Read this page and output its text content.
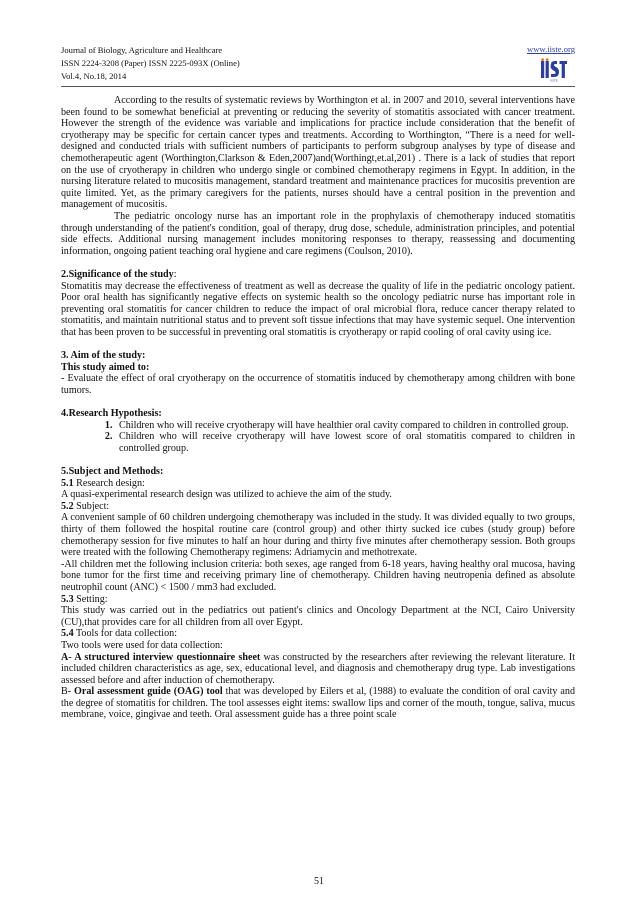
Journal of Biology, Agriculture and Healthcare
ISSN 2224-3208 (Paper) ISSN 2225-093X (Online)
Vol.4, No.18, 2014
www.iiste.org
IISTE

According to the results of systematic reviews by Worthington et al. in 2007 and 2010, several interventions have been found to be somewhat beneficial at preventing or reducing the severity of stomatitis associated with cancer treatment. However the strength of the evidence was variable and implications for practice include consideration that the benefit of cryotherapy may be specific for certain cancer types and treatments. According to Worthington, “There is a need for well-designed and conducted trials with sufficient numbers of participants to perform subgroup analyses by type of disease and chemotherapeutic agent (Worthington,Clarkson & Eden,2007)and(Worthingt,et.al,201) . There is a lack of studies that report on the use of cryotherapy in children who undergo single or combined chemotherapy regimens in Egypt. In addition, in the nursing literature related to mucositis management, standard treatment and maintenance practices for mucositis prevention are quite limited. Yet, as the primary caregivers for the patients, nurses should have a central position in the prevention and management of mucositis.

The pediatric oncology nurse has an important role in the prophylaxis of chemotherapy induced stomatitis through understanding of the patient's condition, goal of therapy, drug dose, schedule, administration principles, and potential side effects. Additional nursing management includes monitoring responses to therapy, reassessing and documenting information, ongoing patient teaching oral hygiene and care regimens (Coulson, 2010).

2.Significance of the study:

Stomatitis may decrease the effectiveness of treatment as well as decrease the quality of life in the pediatric oncology patient. Poor oral health has significantly negative effects on systemic health so the oncology pediatric nurse has important role in preventing oral stomatitis for cancer children to reduce the impact of oral microbial flora, reduce cancer therapy related to stomatitis, and maintain nutritional status and to prevent soft tissue infections that may have systemic sequel. One intervention that has been proven to be successful in preventing oral stomatitis is cryotherapy or rapid cooling of oral cavity using ice.

3. Aim of the study:

This study aimed to:

- Evaluate the effect of oral cryotherapy on the occurrence of stomatitis induced by chemotherapy among children with bone tumors.

4.Research Hypothesis:

1. Children who will receive cryotherapy will have healthier oral cavity compared to children in controlled group.
2. Children who will receive cryotherapy will have lowest score of oral stomatitis compared to children in controlled group.

5.Subject and Methods:

5.1 Research design:

A quasi-experimental research design was utilized to achieve the aim of the study.

5.2 Subject:

A convenient sample of 60 children undergoing chemotherapy was included in the study. It was divided equally to two groups, thirty of them followed the hospital routine care (control group) and other thirty sucked ice cubes (study group) before chemotherapy session for five minutes to half an hour during and thirty five minutes after chemotherapy session. Both groups were treated with the following Chemotherapy regimens: Adriamycin and methotrexate.

-All children met the following inclusion criteria: both sexes, age ranged from 6-18 years, having healthy oral mucosa, having bone tumor for the first time and receiving primary line of chemotherapy. Children having neutropenia defined as absolute neutrophil count (ANC) < 1500 / mm3 had excluded.

5.3 Setting:

This study was carried out in the pediatrics out patient's clinics and Oncology Department at the NCI, Cairo University (CU),that provides care for all children from all over Egypt.

5.4 Tools for data collection:

Two tools were used for data collection:

A- A structured interview questionnaire sheet was constructed by the researchers after reviewing the relevant literature. It included children characteristics as age, sex, educational level, and diagnosis and chemotherapy drug type. Lab investigations assessed before and after induction of chemotherapy.

B- Oral assessment guide (OAG) tool that was developed by Eilers et al, (1988) to evaluate the condition of oral cavity and the degree of stomatitis for children. The tool assesses eight items: swallow lips and corner of the mouth, tongue, saliva, mucus membrane, voice, gingivae and teeth. Oral assessment guide has a three point scale

51
